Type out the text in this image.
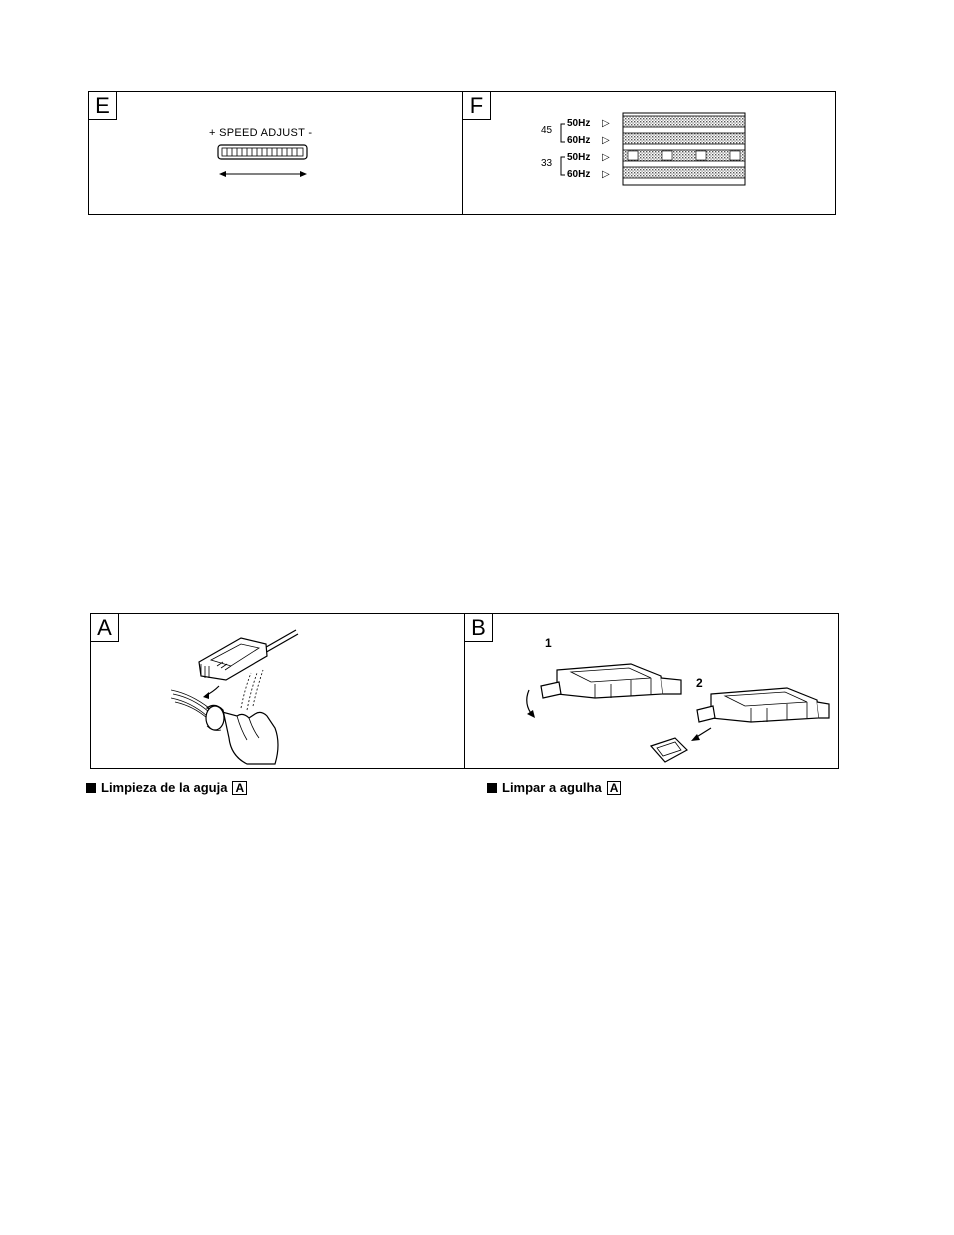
E
+ SPEED ADJUST -
F
45
33
50Hz
60Hz
50Hz
60Hz
▷
▷
▷
▷
A	B
1
2
Limpieza de la aguja A	Limpar a agulha A
